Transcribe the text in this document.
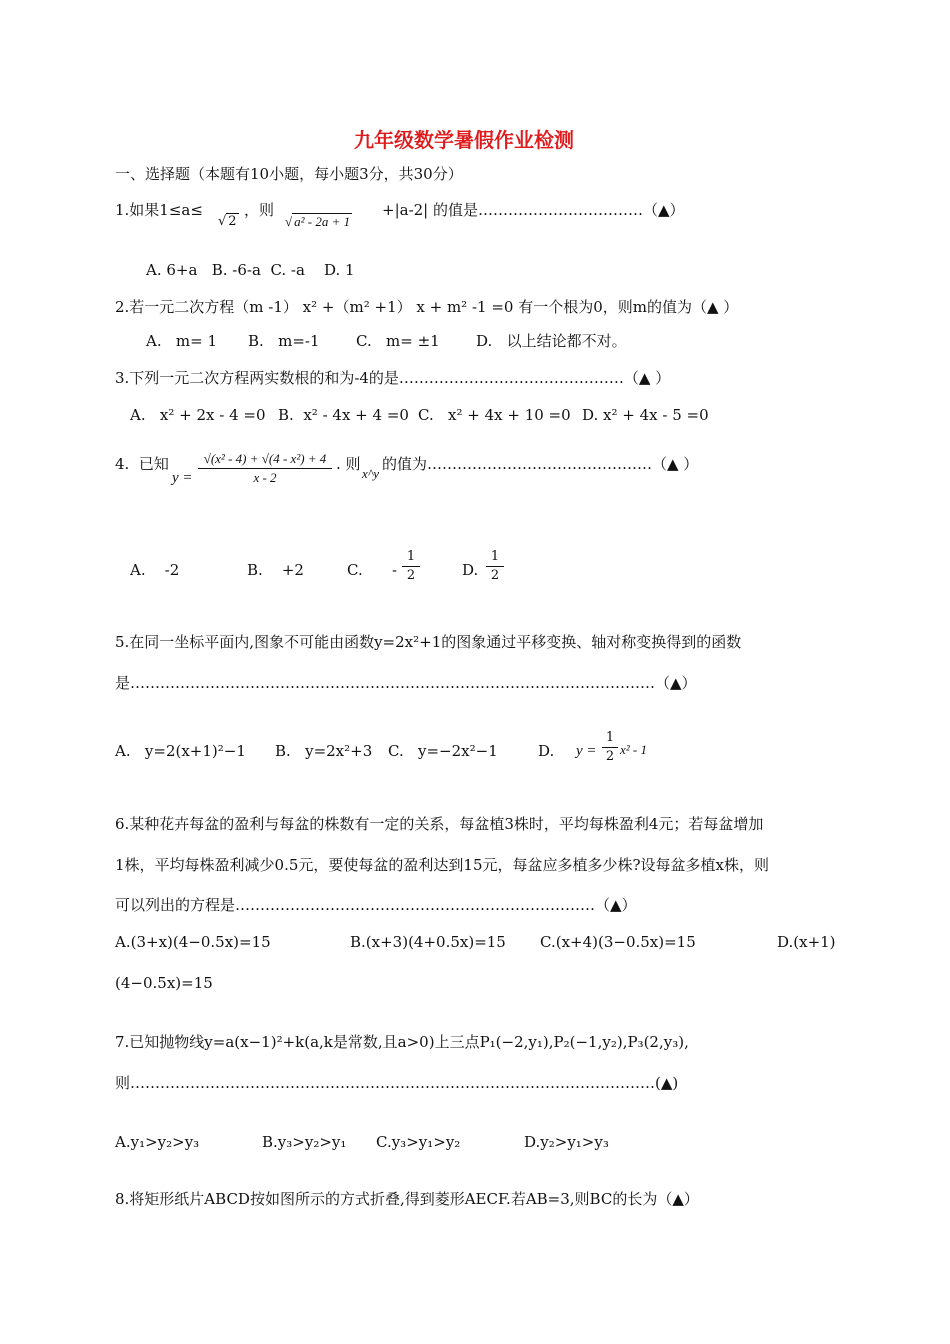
九年级数学暑假作业检测
一、选择题（本题有10小题，每小题3分，共30分）
1.如果1≤a≤
√ 2
，则
√ a² - 2a + 1
+|a-2| 的值是……………………………（▲）
A. 6+a   B. -6-a  C. -a    D. 1
2.若一元二次方程（m -1） x² +（m² +1） x + m² -1 =0 有一个根为0，则m的值为（▲ ）
A.   m= 1 B.   m=-1 C.   m= ±1 D.   以上结论都不对。
3.下列一元二次方程两实数根的和为-4的是………………………………………（▲ ）
A.   x² + 2x - 4 =0 B.  x² - 4x + 4 =0 C.   x² + 4x + 10 =0 D. x² + 4x - 5 =0
4.  已知
$y = \frac{\text{√(x² - 4) + √(4 - x²) + 4}}{x - 2}$ . 则
x^y
的值为………………………………………（▲ ）
A.    -2	B.    +2	C. - $\frac{1}{2}$	D. $\frac{1}{2}$
5.在同一坐标平面内,图象不可能由函数y=2x²+1的图象通过平移变换、轴对称变换得到的函数
是……………………………………………………………………………………………（▲）
A.   y=2(x+1)²−1 B.   y=2x²+3 C.   y=−2x²−1	D. $y = \frac{1}{2} x^2 - 1$
6.某种花卉每盆的盈利与每盆的株数有一定的关系，每盆植3株时，平均每株盈利4元；若每盆增加
1株，平均每株盈利减少0.5元，要使每盆的盈利达到15元，每盆应多植多少株?设每盆多植x株，则
可以列出的方程是………………………………………………………………（▲）
A.(3+x)(4−0.5x)=15	B.(x+3)(4+0.5x)=15 C.(x+4)(3−0.5x)=15	D.(x+1)
(4−0.5x)=15
7.已知抛物线y=a(x−1)²+k(a,k是常数,且a>0)上三点P₁(−2,y₁),P₂(−1,y₂),P₃(2,y₃),
则……………………………………………………………………………………………(▲)
A.y₁>y₂>y₃	B.y₃>y₂>y₁ C.y₃>y₁>y₂	D.y₂>y₁>y₃
8.将矩形纸片ABCD按如图所示的方式折叠,得到菱形AECF.若AB=3,则BC的长为（▲）
